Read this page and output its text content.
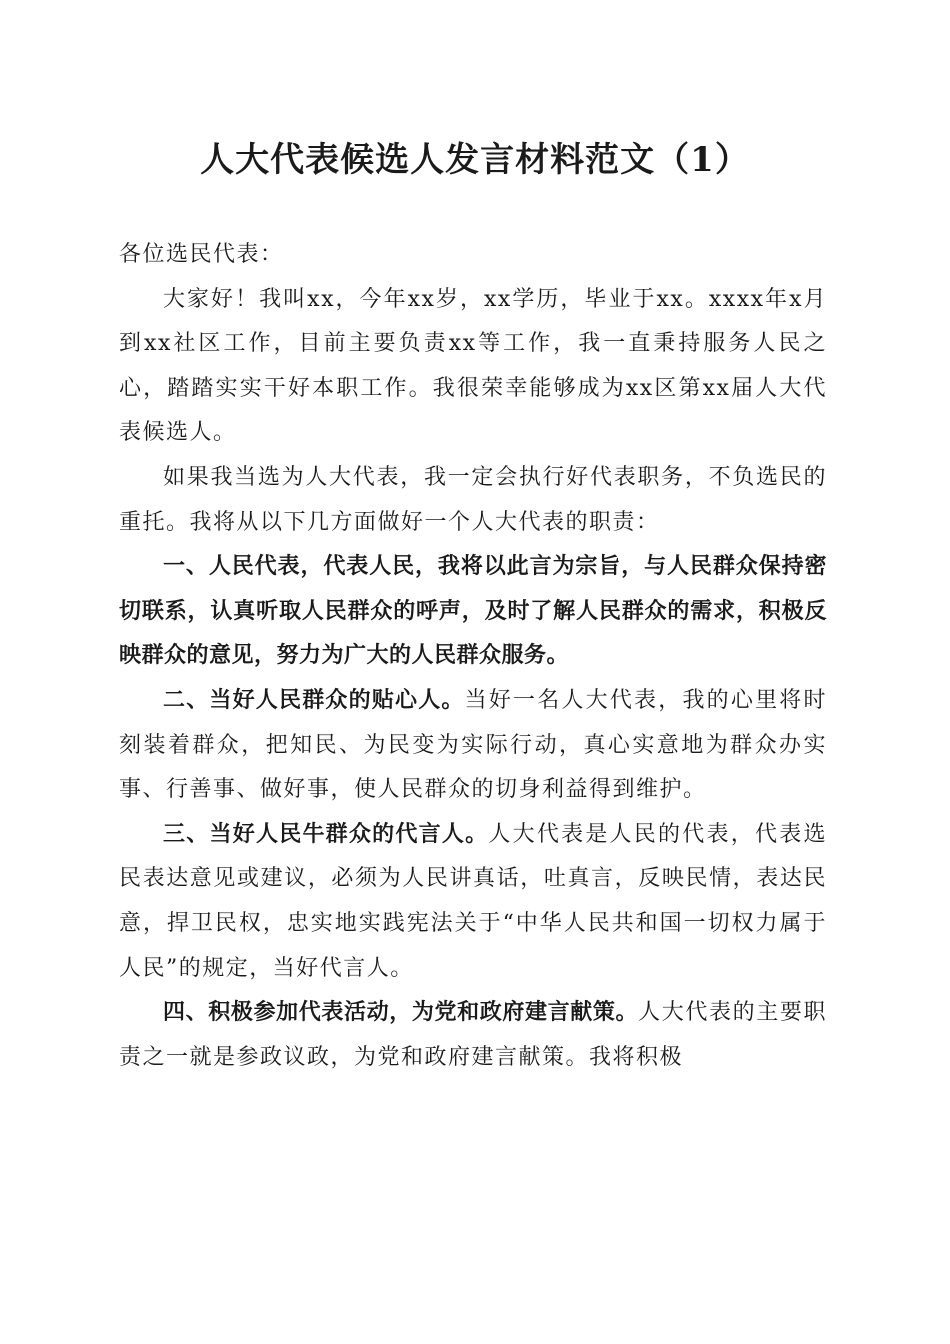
人大代表候选人发言材料范文（1）

各位选民代表：

大家好！我叫xx，今年xx岁，xx学历，毕业于xx。xxxx年x月到xx社区工作，目前主要负责xx等工作，我一直秉持服务人民之心，踏踏实实干好本职工作。我很荣幸能够成为xx区第xx届人大代表候选人。

如果我当选为人大代表，我一定会执行好代表职务，不负选民的重托。我将从以下几方面做好一个人大代表的职责：

一、人民代表，代表人民，我将以此言为宗旨，与人民群众保持密切联系，认真听取人民群众的呼声，及时了解人民群众的需求，积极反映群众的意见，努力为广大的人民群众服务。

二、当好人民群众的贴心人。当好一名人大代表，我的心里将时刻装着群众，把知民、为民变为实际行动，真心实意地为群众办实事、行善事、做好事，使人民群众的切身利益得到维护。

三、当好人民牛群众的代言人。人大代表是人民的代表，代表选民表达意见或建议，必须为人民讲真话，吐真言，反映民情，表达民意，捍卫民权，忠实地实践宪法关于“中华人民共和国一切权力属于人民”的规定，当好代言人。

四、积极参加代表活动，为党和政府建言献策。人大代表的主要职责之一就是参政议政，为党和政府建言献策。我将积极
